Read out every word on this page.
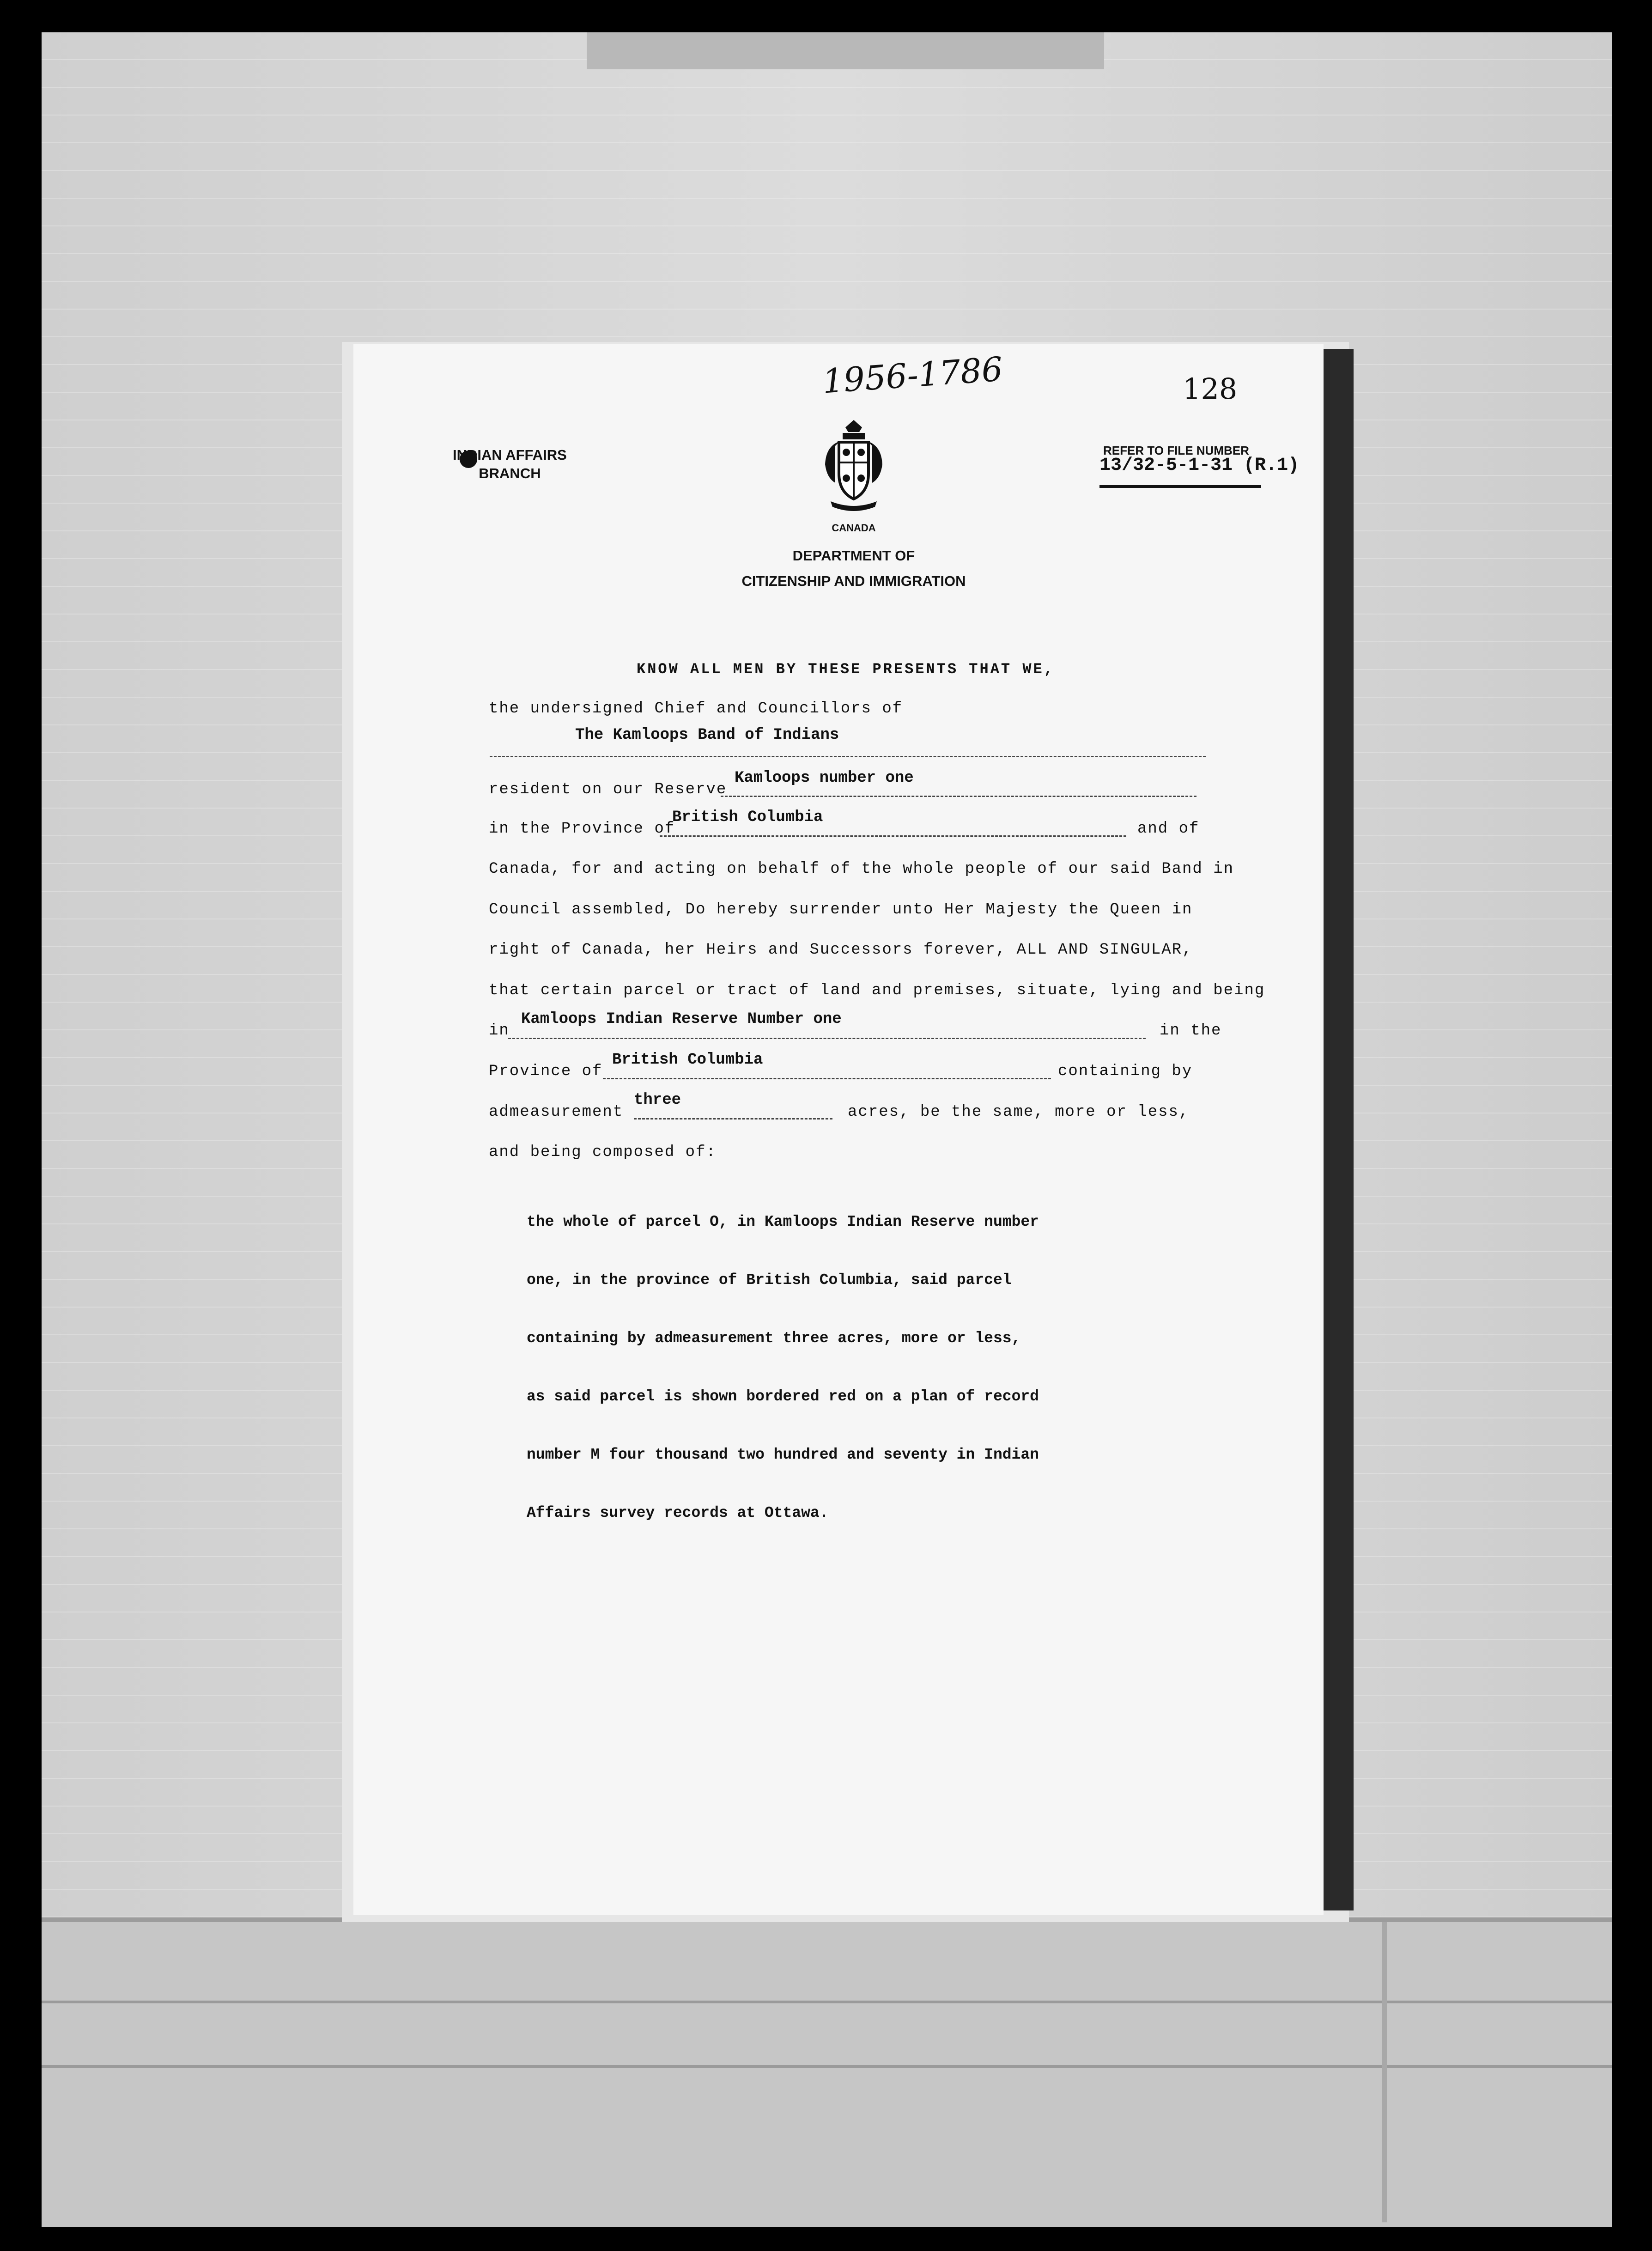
1956-1786	128
INDIAN AFFAIRS
BRANCH
REFER TO FILE NUMBER
13/32-5-1-31 (R.1)
CANADA
DEPARTMENT OF
CITIZENSHIP AND IMMIGRATION
KNOW ALL MEN BY THESE PRESENTS THAT WE,
the undersigned Chief and Councillors of
The Kamloops Band of Indians
resident on our Reserve
Kamloops number one
in the Province of
British Columbia
and of
Canada, for and acting on behalf of the whole people of our said Band in
Council assembled, Do hereby surrender unto Her Majesty the Queen in
right of Canada, her Heirs and Successors forever, ALL AND SINGULAR,
that certain parcel or tract of land and premises, situate, lying and being
in
Kamloops Indian Reserve Number one
in the
Province of
British Columbia
containing by
admeasurement
three
acres, be the same, more or less,
and being composed of:

the whole of parcel O, in Kamloops Indian Reserve number

one, in the province of British Columbia, said parcel

containing by admeasurement three acres, more or less,

as said parcel is shown bordered red on a plan of record

number M four thousand two hundred and seventy in Indian

Affairs survey records at Ottawa.
